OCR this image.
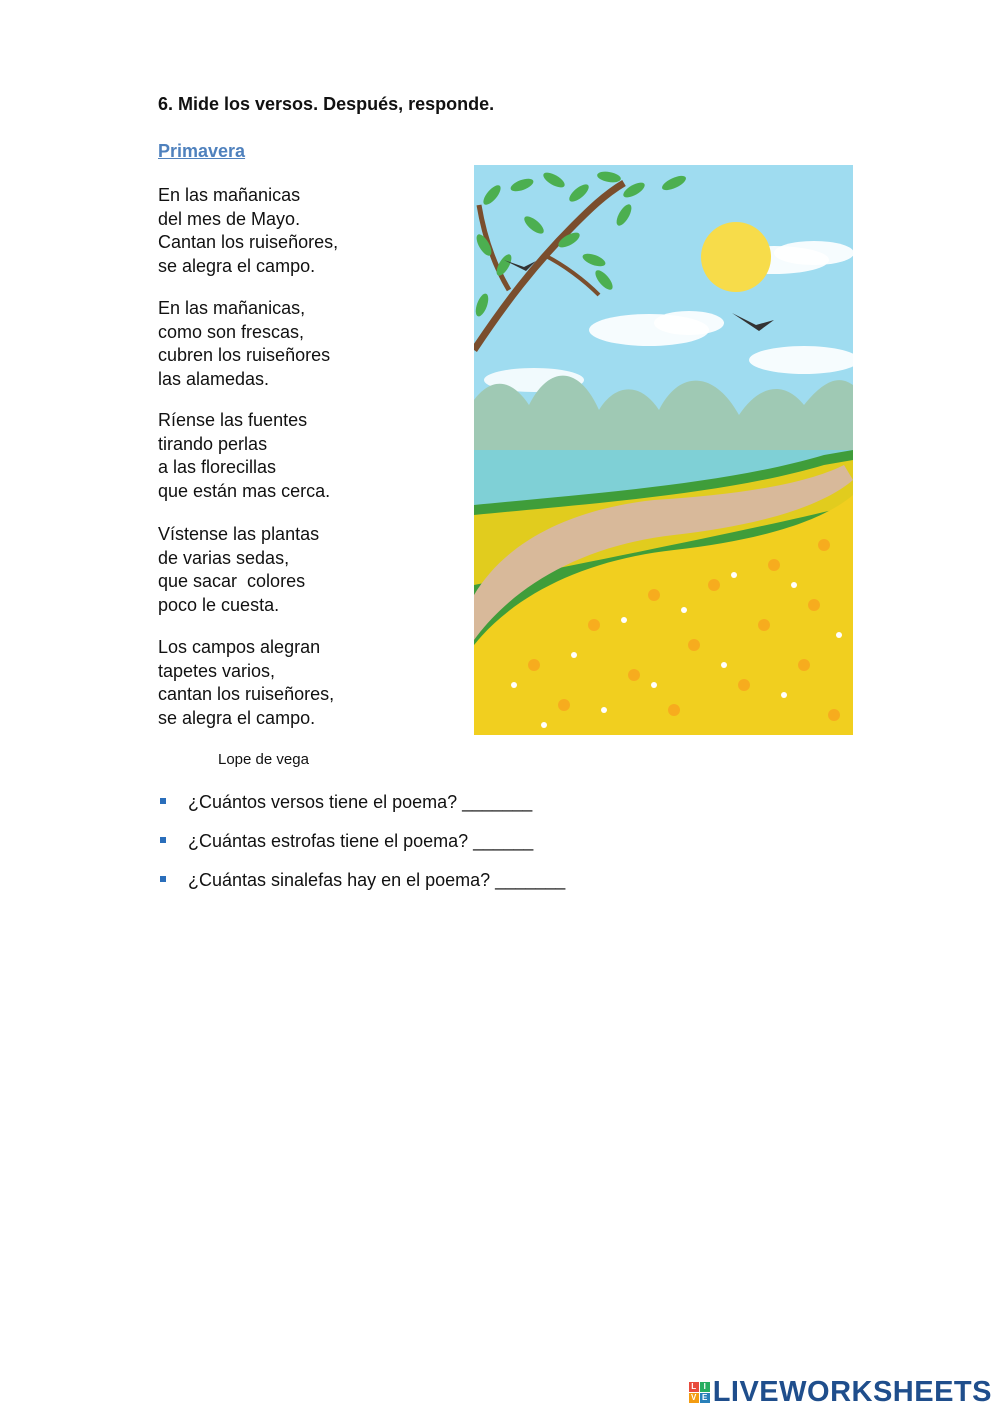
6. Mide los versos. Después, responde.
Primavera
En las mañanicas
del mes de Mayo.
Cantan los ruiseñores,
se alegra el campo.
En las mañanicas,
como son frescas,
cubren los ruiseñores
las alamedas.
Ríense las fuentes
tirando perlas
a las florecillas
que están mas cerca.
Vístense las plantas
de varias sedas,
que sacar  colores
poco le cuesta.
Los campos alegran
tapetes varios,
cantan los ruiseñores,
se alegra el campo.
Lope de vega
¿Cuántos versos tiene el poema? _______
¿Cuántas estrofas tiene el poema? ______
¿Cuántas sinalefas hay en el poema? _______
L I
V E LIVEWORKSHEETS
